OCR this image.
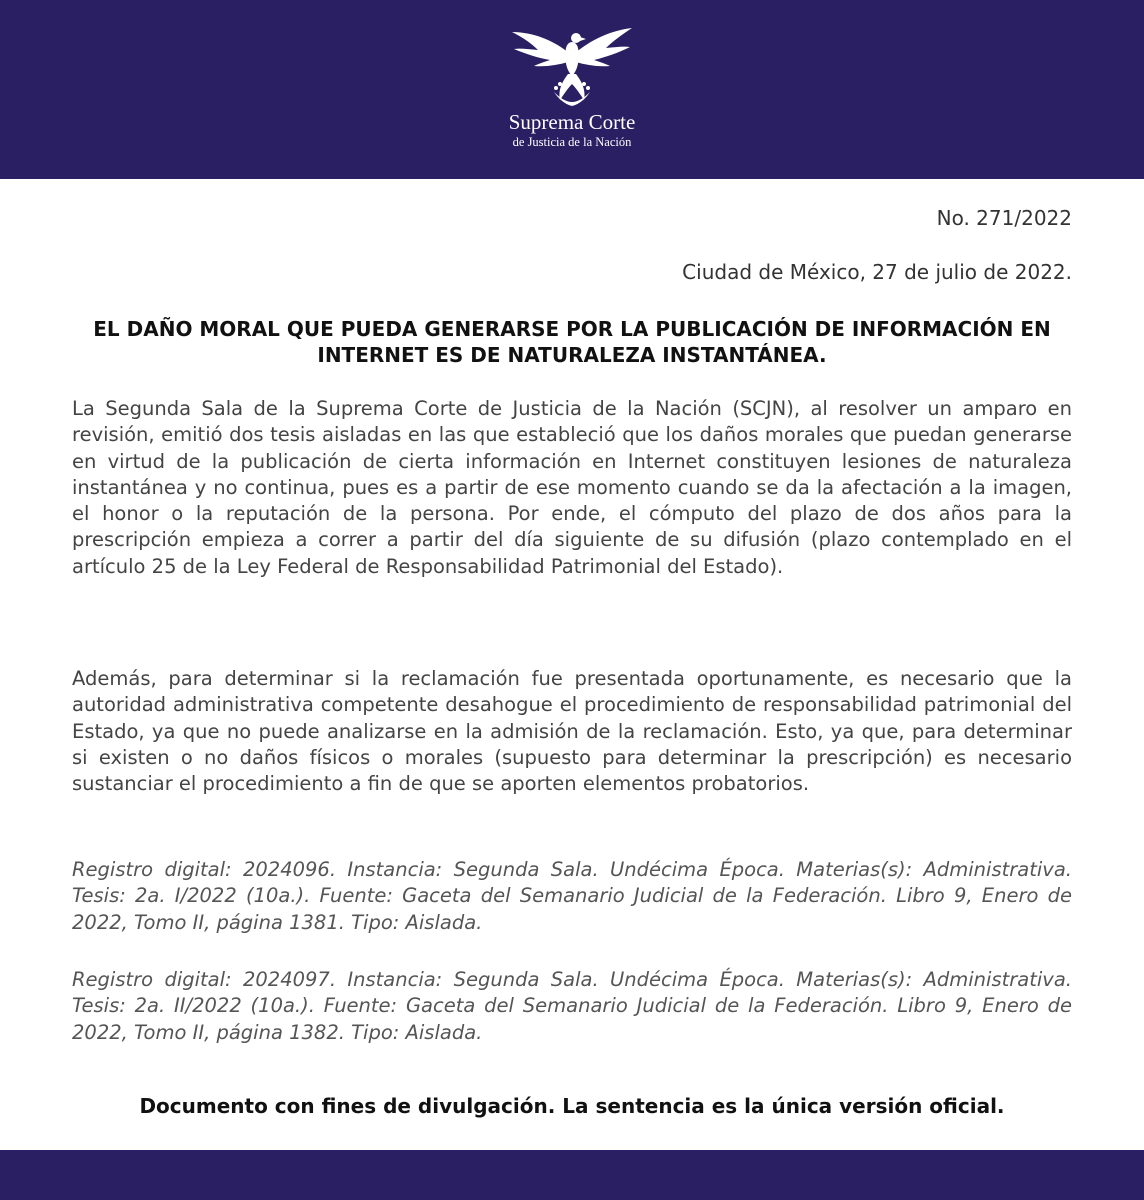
Suprema Corte
de Justicia de la Nación
No. 271/2022
Ciudad de México, 27 de julio de 2022.
EL DAÑO MORAL QUE PUEDA GENERARSE POR LA PUBLICACIÓN DE INFORMACIÓN EN INTERNET ES DE NATURALEZA INSTANTÁNEA.

La Segunda Sala de la Suprema Corte de Justicia de la Nación (SCJN), al resolver un amparo en revisión, emitió dos tesis aisladas en las que estableció que los daños morales que puedan generarse en virtud de la publicación de cierta información en Internet constituyen lesiones de naturaleza instantánea y no continua, pues es a partir de ese momento cuando se da la afectación a la imagen, el honor o la reputación de la persona. Por ende, el cómputo del plazo de dos años para la prescripción empieza a correr a partir del día siguiente de su difusión (plazo contemplado en el artículo 25 de la Ley Federal de Responsabilidad Patrimonial del Estado).

Además, para determinar si la reclamación fue presentada oportunamente, es necesario que la autoridad administrativa competente desahogue el procedimiento de responsabilidad patrimonial del Estado, ya que no puede analizarse en la admisión de la reclamación. Esto, ya que, para determinar si existen o no daños físicos o morales (supuesto para determinar la prescripción) es necesario sustanciar el procedimiento a fin de que se aporten elementos probatorios.

Registro digital: 2024096. Instancia: Segunda Sala. Undécima Época. Materias(s): Administrativa. Tesis: 2a. I/2022 (10a.). Fuente: Gaceta del Semanario Judicial de la Federación. Libro 9, Enero de 2022, Tomo II, página 1381. Tipo: Aislada.

Registro digital: 2024097. Instancia: Segunda Sala. Undécima Época. Materias(s): Administrativa. Tesis: 2a. II/2022 (10a.). Fuente: Gaceta del Semanario Judicial de la Federación. Libro 9, Enero de 2022, Tomo II, página 1382. Tipo: Aislada.

Documento con fines de divulgación. La sentencia es la única versión oficial.
